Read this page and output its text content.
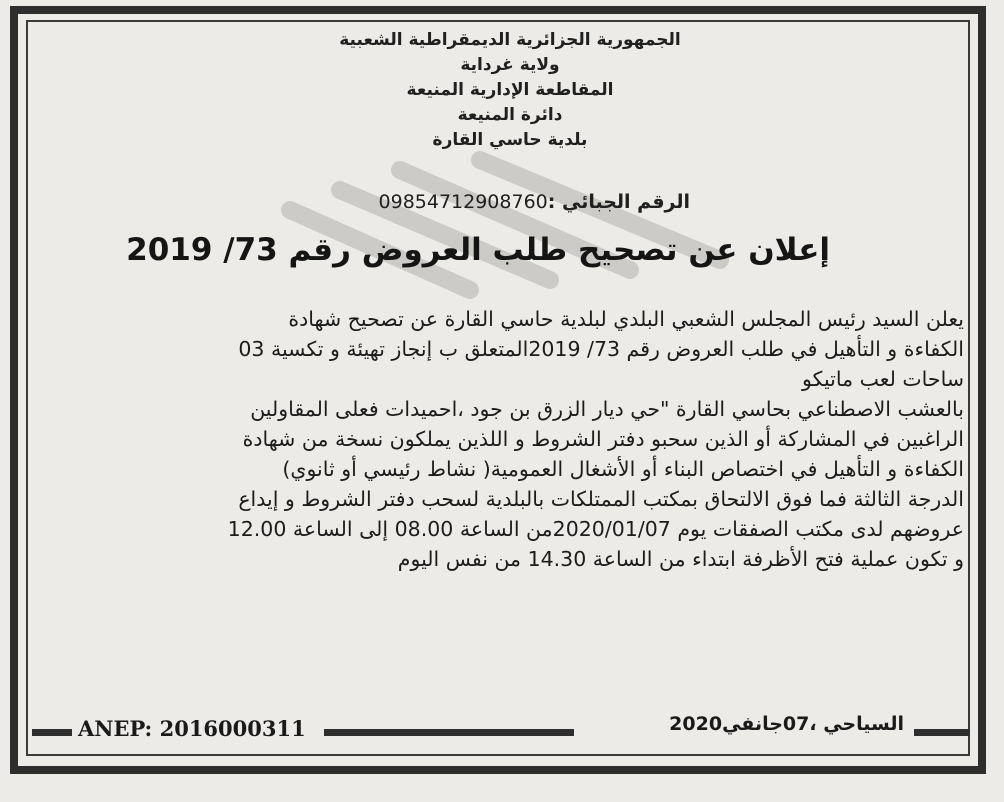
الجمهورية الجزائرية الديمقراطية الشعبية
ولاية غرداية
المقاطعة الإدارية المنيعة
دائرة المنيعة
بلدية حاسي القارة
الرقم الجبائي :09854712908760
إعلان عن تصحيح طلب العروض رقم 73/ 2019
يعلن السيد رئيس المجلس الشعبي البلدي لبلدية حاسي القارة عن تصحيح شهادة
الكفاءة و التأهيل في طلب العروض رقم 73/ 2019المتعلق ب إنجاز تهيئة و تكسية 03
ساحات لعب ماتيكو
بالعشب الاصطناعي بحاسي القارة "حي ديار الزرق بن جود ،احميدات فعلى المقاولين
الراغبين في المشاركة أو الذين سحبو دفتر الشروط و اللذين يملكون نسخة من شهادة
الكفاءة و التأهيل في اختصاص البناء أو الأشغال العمومية( نشاط رئيسي أو ثانوي)
الدرجة الثالثة فما فوق الالتحاق بمكتب الممتلكات بالبلدية لسحب دفتر الشروط و إيداع
عروضهم لدى مكتب الصفقات يوم 2020/01/07من الساعة 08.00 إلى الساعة 12.00
و تكون عملية فتح الأظرفة ابتداء من الساعة 14.30 من نفس اليوم
ANEP: 2016000311	السياحي ،07جانفي2020
